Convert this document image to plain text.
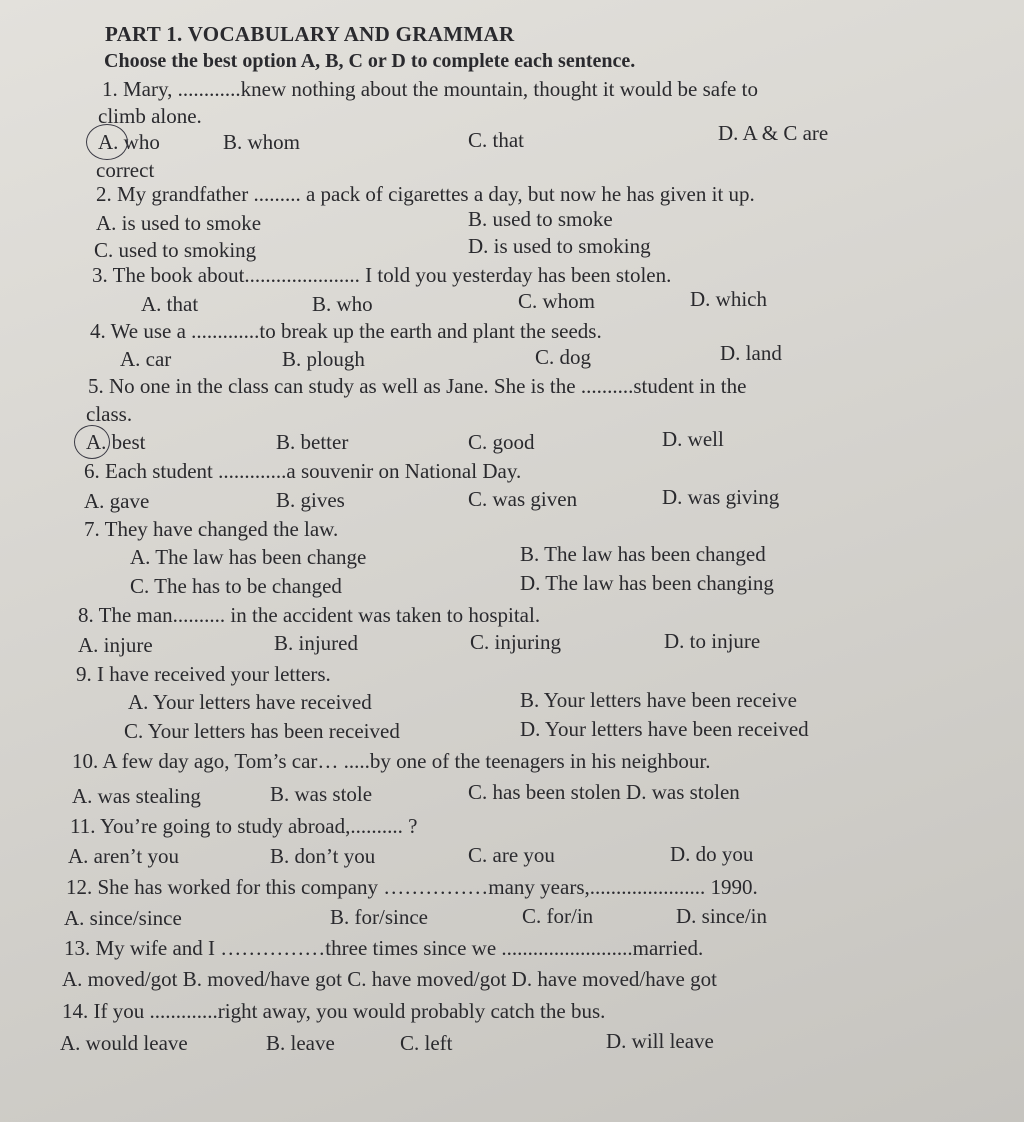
PART 1. VOCABULARY AND GRAMMAR
Choose the best option A, B, C or D to complete each sentence.
1. Mary, ............knew nothing about the mountain, thought it would be safe to
climb alone.
A. who	B. whom	C. that	D. A & C are
correct
2. My grandfather ......... a pack of cigarettes a day, but now he has given it up.
A. is used to smoke	B. used to smoke
C. used to smoking	D. is used to smoking
3. The book about...................... I told you yesterday has been stolen.
A. that	B. who	C. whom	D. which
4. We use a .............to break up the earth and plant the seeds.
A. car	B. plough	C. dog	D. land
5. No one in the class can study as well as Jane. She is the ..........student in the
class.
A. best	B. better	C. good	D. well
6. Each student .............a souvenir on National Day.
A. gave	B. gives	C. was given	D. was giving
7. They have changed the law.
A. The law has been change	B. The law has been changed
C. The has to be changed	D. The law has been changing
8. The man.......... in the accident was taken to hospital.
A. injure	B. injured	C. injuring	D. to injure
9. I have received your letters.
A. Your letters have received	B. Your letters have been receive
C. Your letters has been received	D. Your letters have been received
10. A few day ago, Tom’s car… .....by one of the teenagers in his neighbour.
A. was stealing	B. was stole	C. has been stolen D. was stolen
11. You’re going to study abroad,.......... ?
A. aren’t you	B. don’t you	C. are you	D. do you
12. She has worked for this company ……………many years,...................... 1990.
A. since/since	B. for/since	C. for/in	D. since/in
13. My wife and I ……………three times since we .........................married.
A. moved/got B. moved/have got C. have moved/got D. have moved/have got
14. If you .............right away, you would probably catch the bus.
A. would leave	B. leave	C. left	D. will leave
